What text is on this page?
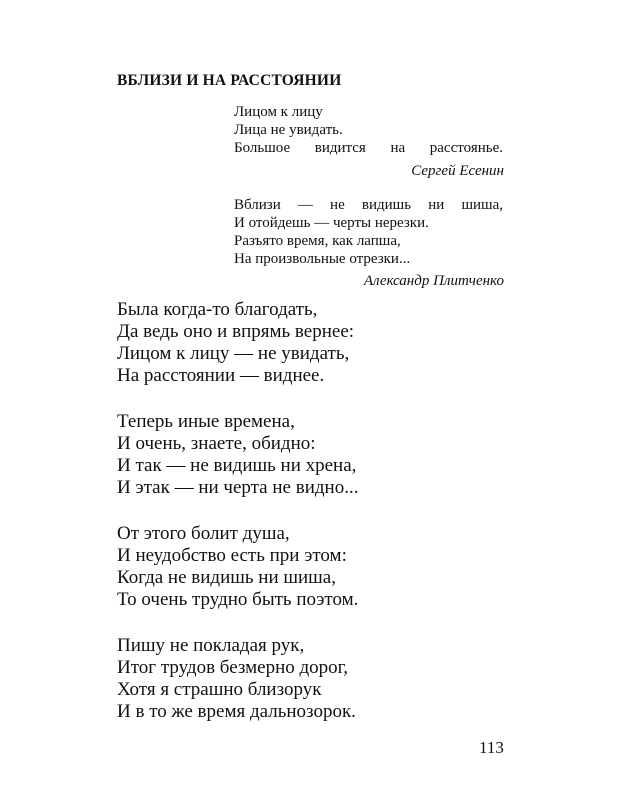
ВБЛИЗИ И НА РАССТОЯНИИ
Лицом к лицу
Лица не увидать.
Большое видится на расстоянье.
Сергей Есенин
Вблизи — не видишь ни шиша,
И отойдешь — черты нерезки.
Разъято время, как лапша,
На произвольные отрезки...
Александр Плитченко
Была когда-то благодать,
Да ведь оно и впрямь вернее:
Лицом к лицу — не увидать,
На расстоянии — виднее.
Теперь иные времена,
И очень, знаете, обидно:
И так — не видишь ни хрена,
И этак — ни черта не видно...
От этого болит душа,
И неудобство есть при этом:
Когда не видишь ни шиша,
То очень трудно быть поэтом.
Пишу не покладая рук,
Итог трудов безмерно дорог,
Хотя я страшно близорук
И в то же время дальнозорок.
113
